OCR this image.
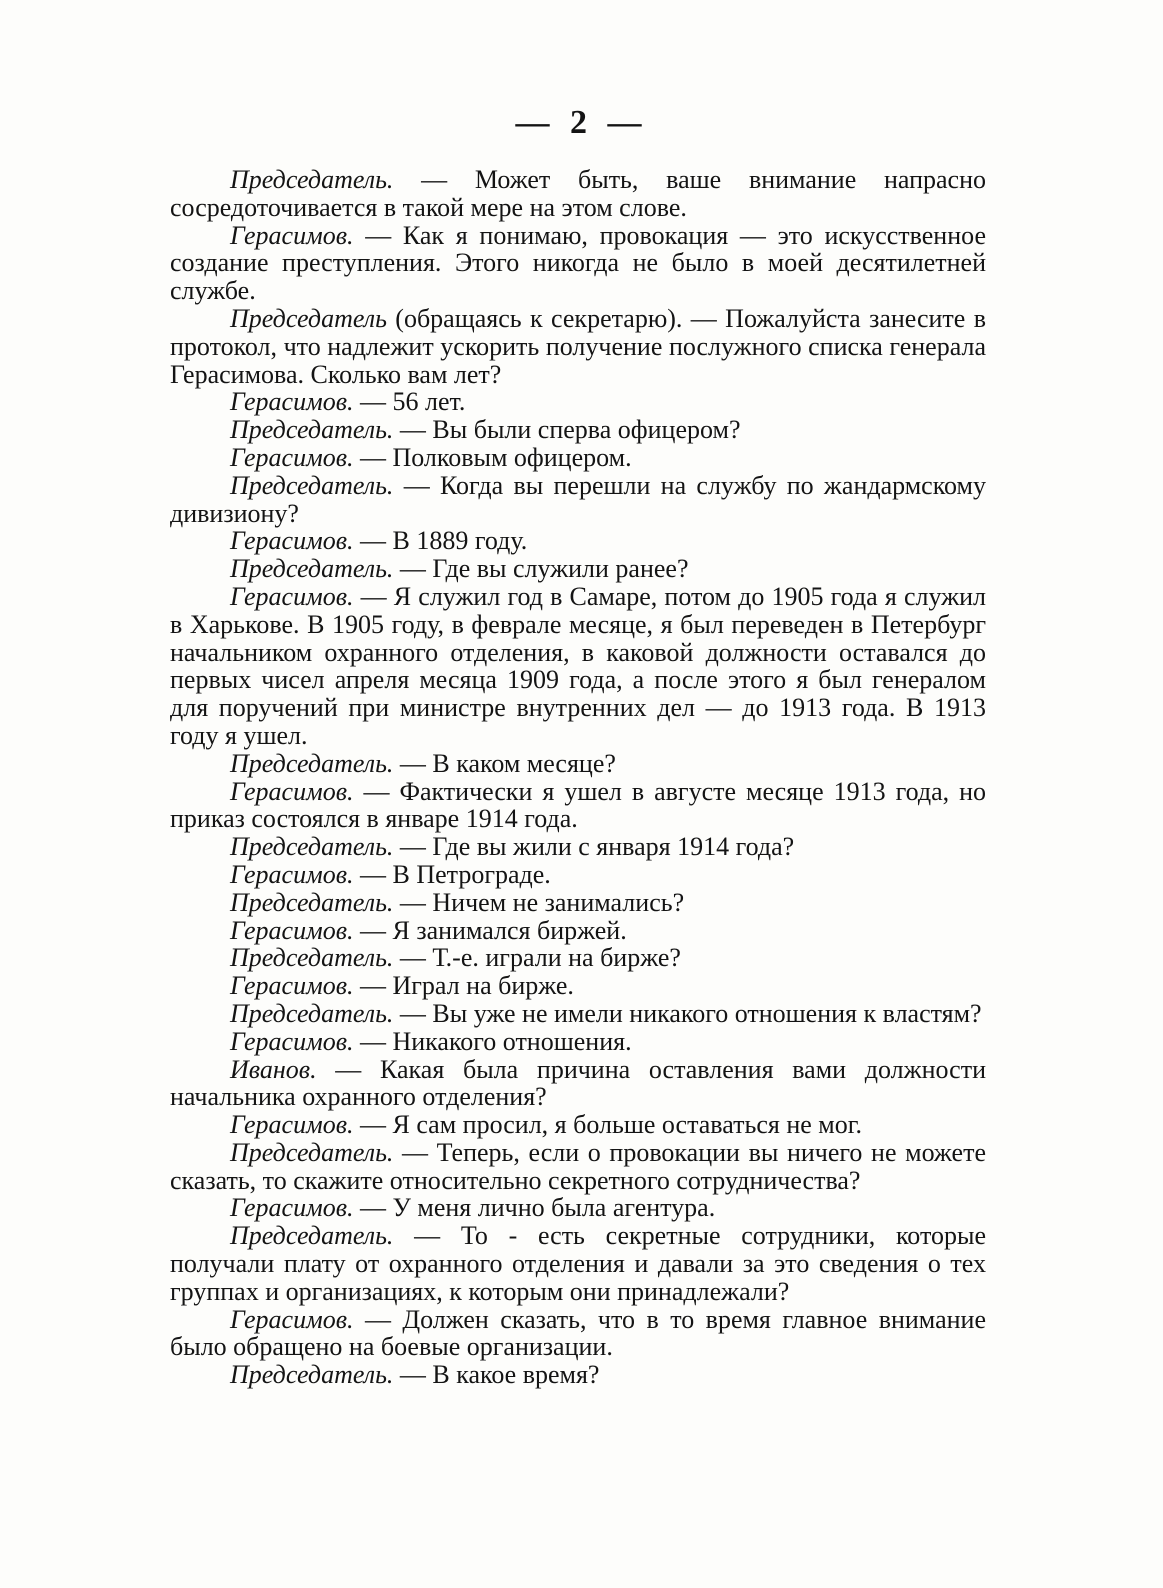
— 2 —

Председатель. — Может быть, ваше внимание напрасно сосредоточивается в такой мере на этом слове.

Герасимов. — Как я понимаю, провокация — это искусственное создание преступления. Этого никогда не было в моей десятилетней службе.

Председатель (обращаясь к секретарю). — Пожалуйста занесите в протокол, что надлежит ускорить получение послужного списка генерала Герасимова. Сколько вам лет?

Герасимов. — 56 лет.

Председатель. — Вы были сперва офицером?

Герасимов. — Полковым офицером.

Председатель. — Когда вы перешли на службу по жандармскому дивизиону?

Герасимов. — В 1889 году.

Председатель. — Где вы служили ранее?

Герасимов. — Я служил год в Самаре, потом до 1905 года я служил в Харькове. В 1905 году, в феврале месяце, я был переведен в Петербург начальником охранного отделения, в каковой должности оставался до первых чисел апреля месяца 1909 года, а после этого я был генералом для поручений при министре внутренних дел — до 1913 года. В 1913 году я ушел.

Председатель. — В каком месяце?

Герасимов. — Фактически я ушел в августе месяце 1913 года, но приказ состоялся в январе 1914 года.

Председатель. — Где вы жили с января 1914 года?

Герасимов. — В Петрограде.

Председатель. — Ничем не занимались?

Герасимов. — Я занимался биржей.

Председатель. — Т.-е. играли на бирже?

Герасимов. — Играл на бирже.

Председатель. — Вы уже не имели никакого отношения к властям?

Герасимов. — Никакого отношения.

Иванов. — Какая была причина оставления вами должности начальника охранного отделения?

Герасимов. — Я сам просил, я больше оставаться не мог.

Председатель. — Теперь, если о провокации вы ничего не можете сказать, то скажите относительно секретного сотрудничества?

Герасимов. — У меня лично была агентура.

Председатель. — То - есть секретные сотрудники, которые получали плату от охранного отделения и давали за это сведения о тех группах и организациях, к которым они принадлежали?

Герасимов. — Должен сказать, что в то время главное внимание было обращено на боевые организации.

Председатель. — В какое время?
